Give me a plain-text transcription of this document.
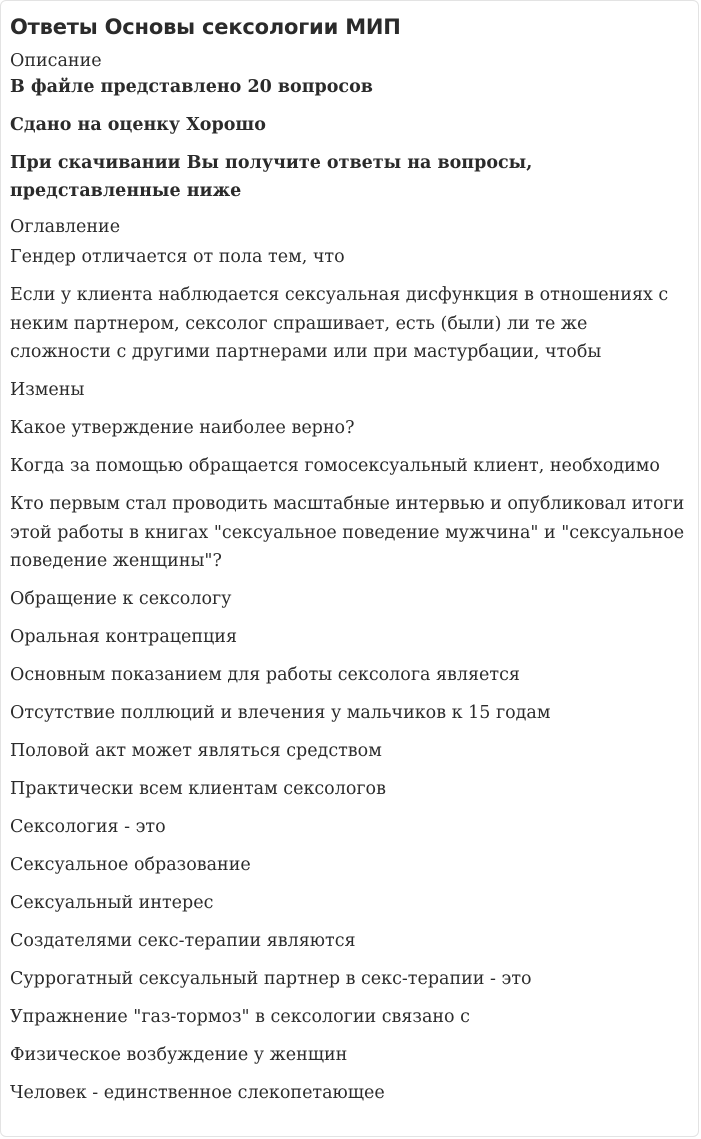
Ответы Основы сексологии МИП
Описание
В файле представлено 20 вопросов
Сдано на оценку Хорошо
При скачивании Вы получите ответы на вопросы, представленные ниже
Оглавление
Гендер отличается от пола тем, что
Если у клиента наблюдается сексуальная дисфункция в отношениях с неким партнером, сексолог спрашивает, есть (были) ли те же сложности с другими партнерами или при мастурбации, чтобы
Измены
Какое утверждение наиболее верно?
Когда за помощью обращается гомосексуальный клиент, необходимо
Кто первым стал проводить масштабные интервью и опубликовал итоги этой работы в книгах "сексуальное поведение мужчина" и "сексуальное поведение женщины"?
Обращение к сексологу
Оральная контрацепция
Основным показанием для работы сексолога является
Отсутствие поллюций и влечения у мальчиков к 15 годам
Половой акт может являться средством
Практически всем клиентам сексологов
Сексология - это
Сексуальное образование
Сексуальный интерес
Создателями секс-терапии являются
Суррогатный сексуальный партнер в секс-терапии - это
Упражнение "газ-тормоз" в сексологии связано с
Физическое возбуждение у женщин
Человек - единственное слекопетающее
